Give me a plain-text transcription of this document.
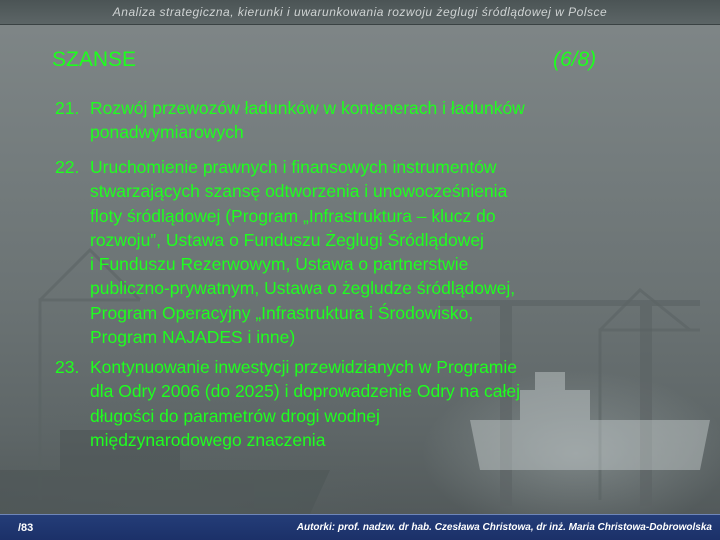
Analiza strategiczna, kierunki i uwarunkowania rozwoju żeglugi śródlądowej w Polsce
SZANSE	(6/8)
21. Rozwój przewozów ładunków w kontenerach i ładunków
ponadwymiarowych
22. Uruchomienie prawnych i finansowych instrumentów
stwarzających szansę odtworzenia i unowocześnienia
floty śródlądowej (Program „Infrastruktura – klucz do
rozwoju”, Ustawa o Funduszu Żeglugi Śródlądowej
i Funduszu Rezerwowym, Ustawa o partnerstwie
publiczno-prywatnym, Ustawa o żegludze śródlądowej,
Program Operacyjny „Infrastruktura i Środowisko,
Program NAJADES i inne)
23. Kontynuowanie inwestycji przewidzianych w Programie
dla Odry 2006 (do 2025) i doprowadzenie Odry na całej
długości do parametrów drogi wodnej
międzynarodowego znaczenia
/83	Autorki: prof. nadzw. dr hab. Czesława Christowa, dr inż. Maria Christowa-Dobrowolska
